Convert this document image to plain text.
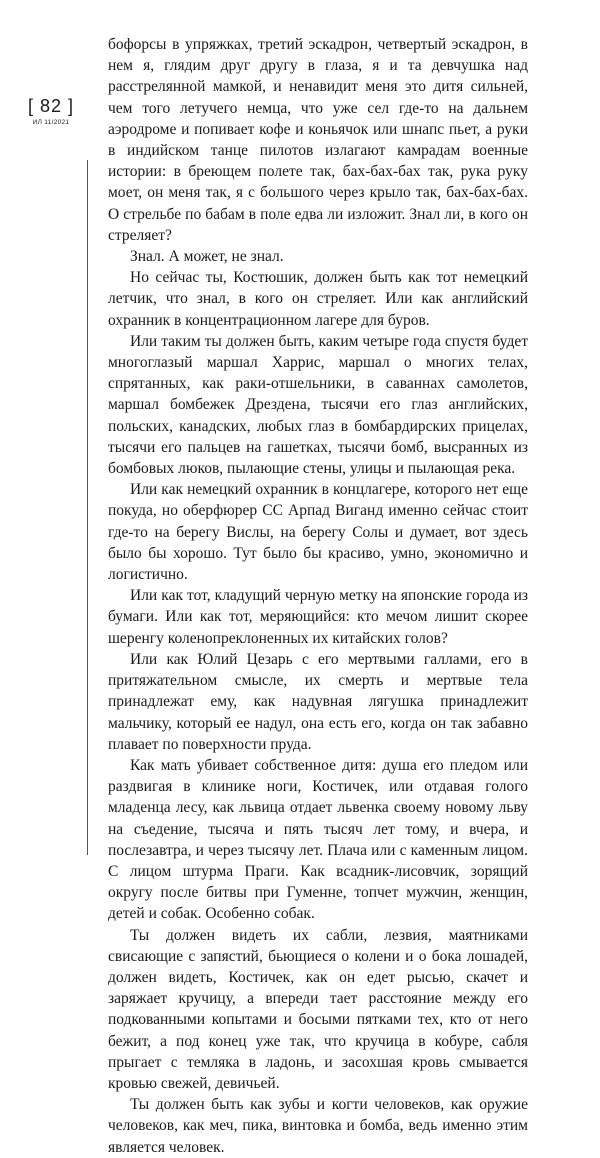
[ 82 ]
ИЛ 11/2021

бофорсы в упряжках, третий эскадрон, четвертый эскадрон, в нем я, глядим друг другу в глаза, я и та девчушка над расстрелянной мамкой, и ненавидит меня это дитя сильней, чем того летучего немца, что уже сел где-то на дальнем аэродроме и попивает кофе и коньячок или шнапс пьет, а руки в индийском танце пилотов излагают камрадам военные истории: в бреющем полете так, бах-бах-бах так, рука руку моет, он меня так, я с большого через крыло так, бах-бах-бах. О стрельбе по бабам в поле едва ли изложит. Знал ли, в кого он стреляет?

Знал. А может, не знал.

Но сейчас ты, Костюшик, должен быть как тот немецкий летчик, что знал, в кого он стреляет. Или как английский охранник в концентрационном лагере для буров.

Или таким ты должен быть, каким четыре года спустя будет многоглазый маршал Харрис, маршал о многих телах, спрятанных, как раки-отшельники, в саваннах самолетов, маршал бомбежек Дрездена, тысячи его глаз английских, польских, канадских, любых глаз в бомбардирских прицелах, тысячи его пальцев на гашетках, тысячи бомб, высранных из бомбовых люков, пылающие стены, улицы и пылающая река.

Или как немецкий охранник в концлагере, которого нет еще покуда, но оберфюрер СС Арпад Виганд именно сейчас стоит где-то на берегу Вислы, на берегу Солы и думает, вот здесь было бы хорошо. Тут было бы красиво, умно, экономично и логистично.

Или как тот, кладущий черную метку на японские города из бумаги. Или как тот, меряющийся: кто мечом лишит скорее шеренгу коленопреклоненных их китайских голов?

Или как Юлий Цезарь с его мертвыми галлами, его в притяжательном смысле, их смерть и мертвые тела принадлежат ему, как надувная лягушка принадлежит мальчику, который ее надул, она есть его, когда он так забавно плавает по поверхности пруда.

Как мать убивает собственное дитя: душа его пледом или раздвигая в клинике ноги, Костичек, или отдавая голого младенца лесу, как львица отдает львенка своему новому льву на съедение, тысяча и пять тысяч лет тому, и вчера, и послезавтра, и через тысячу лет. Плача или с каменным лицом. С лицом штурма Праги. Как всадник-лисовчик, зорящий округу после битвы при Гуменне, топчет мужчин, женщин, детей и собак. Особенно собак.

Ты должен видеть их сабли, лезвия, маятниками свисающие с запястий, бьющиеся о колени и о бока лошадей, должен видеть, Костичек, как он едет рысью, скачет и заряжает кручицу, а впереди тает расстояние между его подкованными копытами и босыми пятками тех, кто от него бежит, а под конец уже так, что кручица в кобуре, сабля прыгает с темляка в ладонь, и засохшая кровь смывается кровью свежей, девичьей.

Ты должен быть как зубы и когти человеков, как оружие человеков, как меч, пика, винтовка и бомба, ведь именно этим является человек.
